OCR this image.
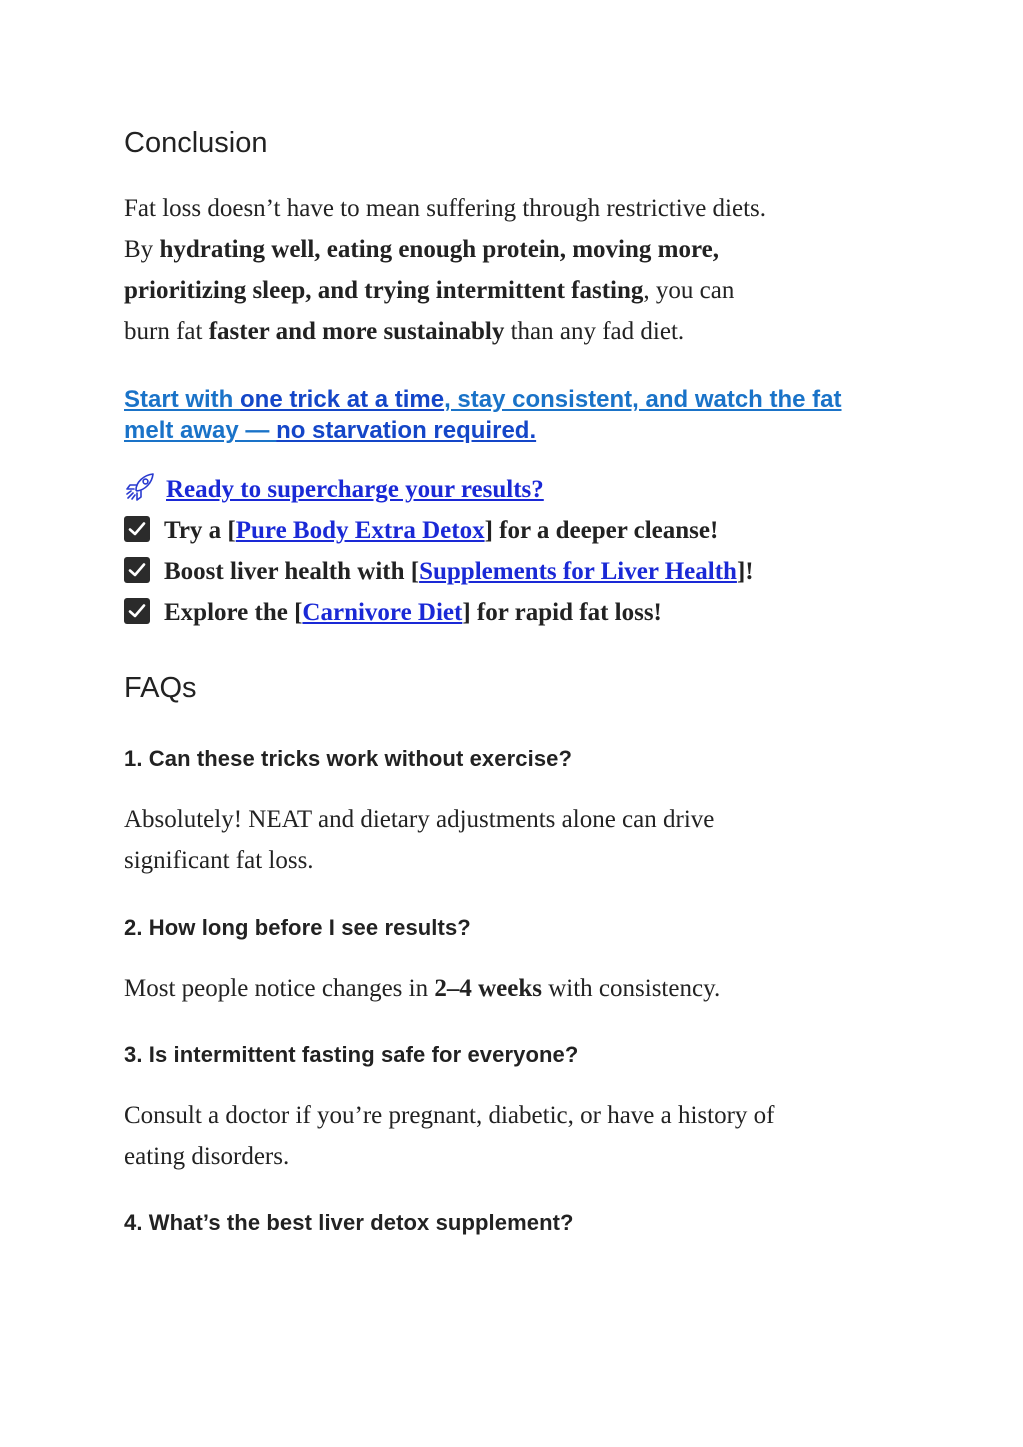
Conclusion

Fat loss doesn’t have to mean suffering through restrictive diets.
By hydrating well, eating enough protein, moving more,
prioritizing sleep, and trying intermittent fasting, you can
burn fat faster and more sustainably than any fad diet.

Start with one trick at a time, stay consistent, and watch the fat
melt away — no starvation required.
Ready to supercharge your results?
Try a [Pure Body Extra Detox] for a deeper cleanse!
Boost liver health with [Supplements for Liver Health]!
Explore the [Carnivore Diet] for rapid fat loss!
FAQs
1. Can these tricks work without exercise?

Absolutely! NEAT and dietary adjustments alone can drive
significant fat loss.

2. How long before I see results?

Most people notice changes in 2–4 weeks with consistency.

3. Is intermittent fasting safe for everyone?

Consult a doctor if you’re pregnant, diabetic, or have a history of
eating disorders.

4. What’s the best liver detox supplement?
